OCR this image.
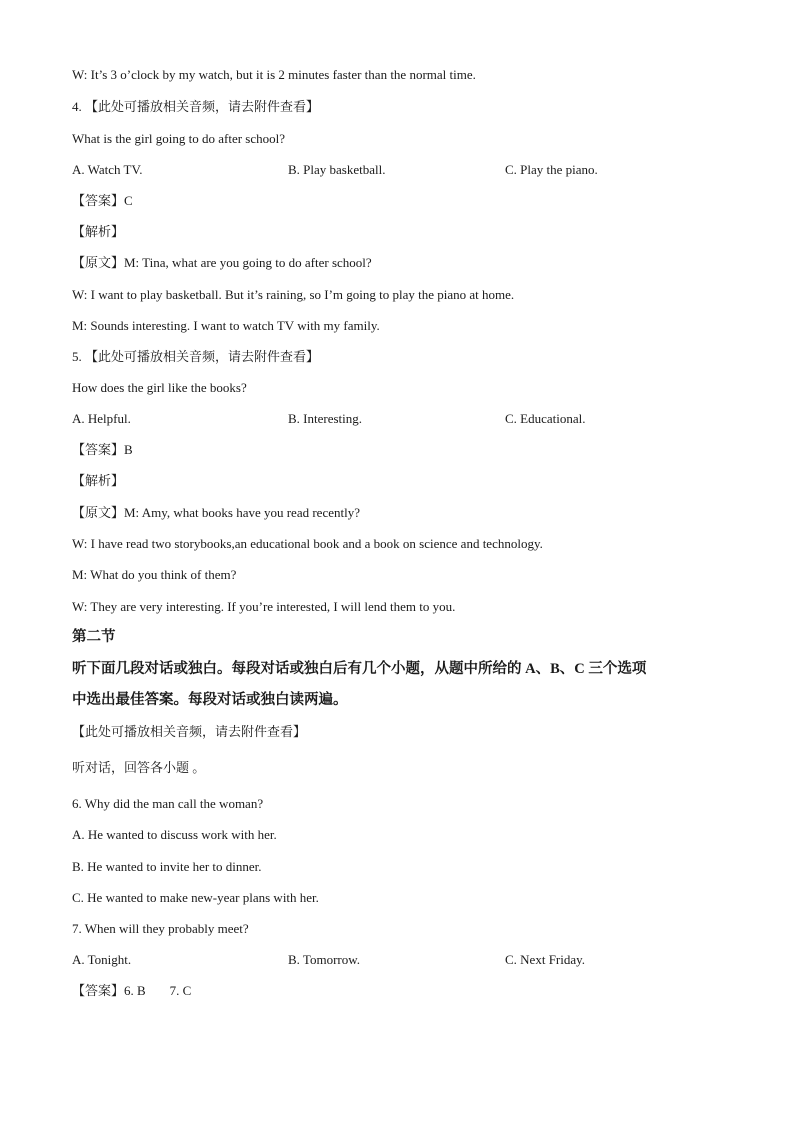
W: It’s 3 o’clock by my watch, but it is 2 minutes faster than the normal time.
4. 【此处可播放相关音频，请去附件查看】
What is the girl going to do after school?
A. Watch TV.	B. Play basketball.	C. Play the piano.
【答案】C
【解析】
【原文】M: Tina, what are you going to do after school?
W: I want to play basketball. But it’s raining, so I’m going to play the piano at home.
M: Sounds interesting. I want to watch TV with my family.
5. 【此处可播放相关音频，请去附件查看】
How does the girl like the books?
A. Helpful.	B. Interesting.	C. Educational.
【答案】B
【解析】
【原文】M: Amy, what books have you read recently?
W: I have read two storybooks,an educational book and a book on science and technology.
M: What do you think of them?
W: They are very interesting. If you’re interested, I will lend them to you.
第二节
听下面几段对话或独白。每段对话或独白后有几个小题，从题中所给的 A、B、C 三个选项
中选出最佳答案。每段对话或独白读两遍。
【此处可播放相关音频，请去附件查看】
听对话，回答各小题 。
6. Why did the man call the woman?
A. He wanted to discuss work with her.
B. He wanted to invite her to dinner.
C. He wanted to make new-year plans with her.
7. When will they probably meet?
A. Tonight.	B. Tomorrow.	C. Next Friday.
【答案】6. B 7. C
